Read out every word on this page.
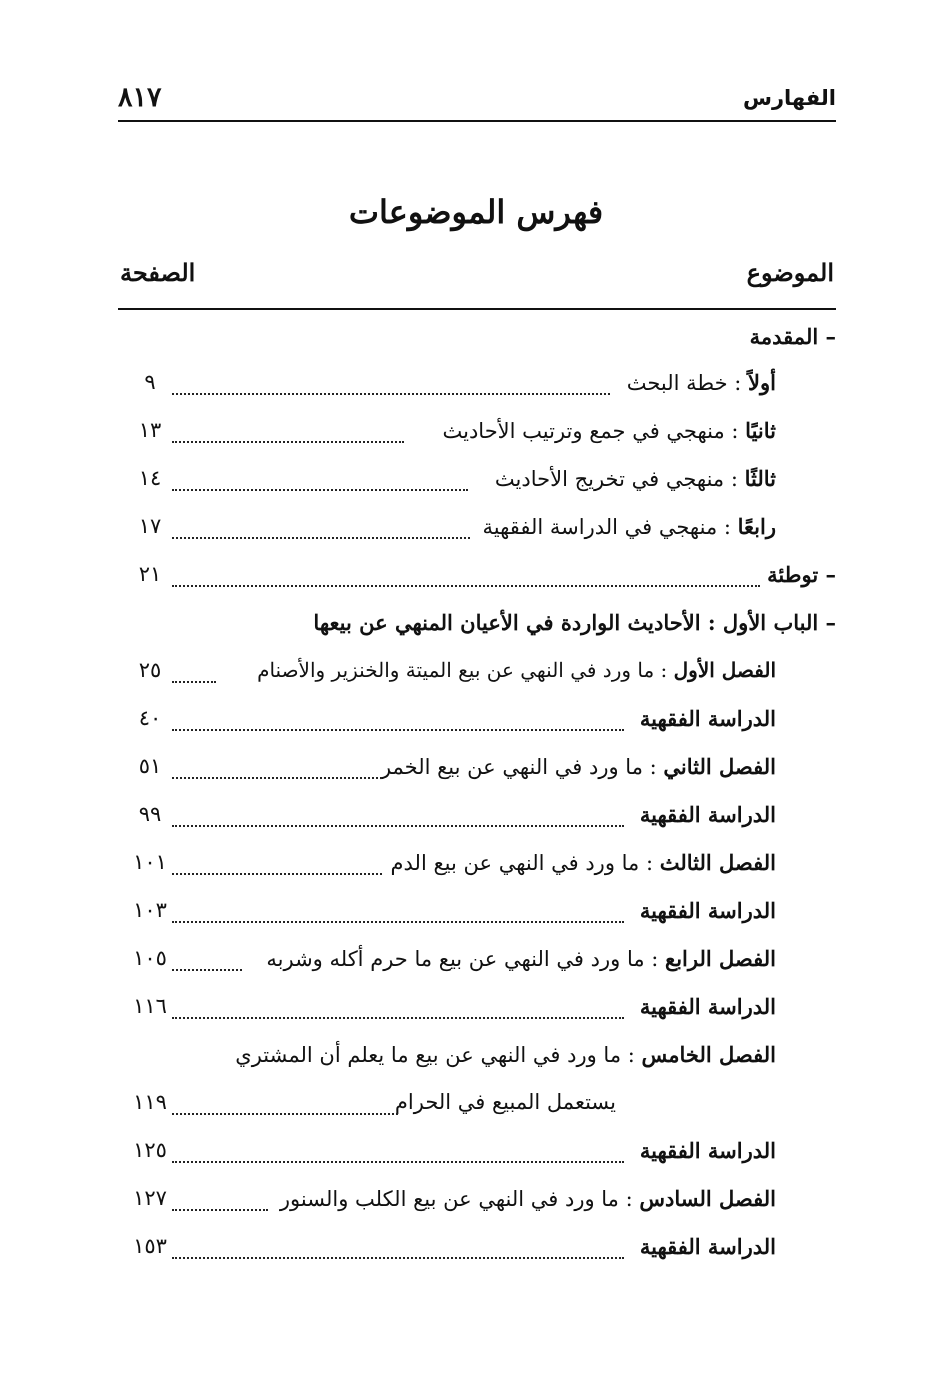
الفهارس
٨١٧
فهرس الموضوعات
الموضوع
الصفحة
– المقدمة
أولاً : خطة البحث
٩
ثانيًا : منهجي في جمع وترتيب الأحاديث
١٣
ثالثًا : منهجي في تخريج الأحاديث
١٤
رابعًا : منهجي في الدراسة الفقهية
١٧
– توطئة
٢١
– الباب الأول : الأحاديث الواردة في الأعيان المنهي عن بيعها
الفصل الأول : ما ورد في النهي عن بيع الميتة والخنزير والأصنام
٢٥
الدراسة الفقهية
٤٠
الفصل الثاني : ما ورد في النهي عن بيع الخمر
٥١
الدراسة الفقهية
٩٩
الفصل الثالث : ما ورد في النهي عن بيع الدم
١٠١
الدراسة الفقهية
١٠٣
الفصل الرابع : ما ورد في النهي عن بيع ما حرم أكله وشربه
١٠٥
الدراسة الفقهية
١١٦
الفصل الخامس : ما ورد في النهي عن بيع ما يعلم أن المشتري
يستعمل المبيع في الحرام
١١٩
الدراسة الفقهية
١٢٥
الفصل السادس : ما ورد في النهي عن بيع الكلب والسنور
١٢٧
الدراسة الفقهية
١٥٣
